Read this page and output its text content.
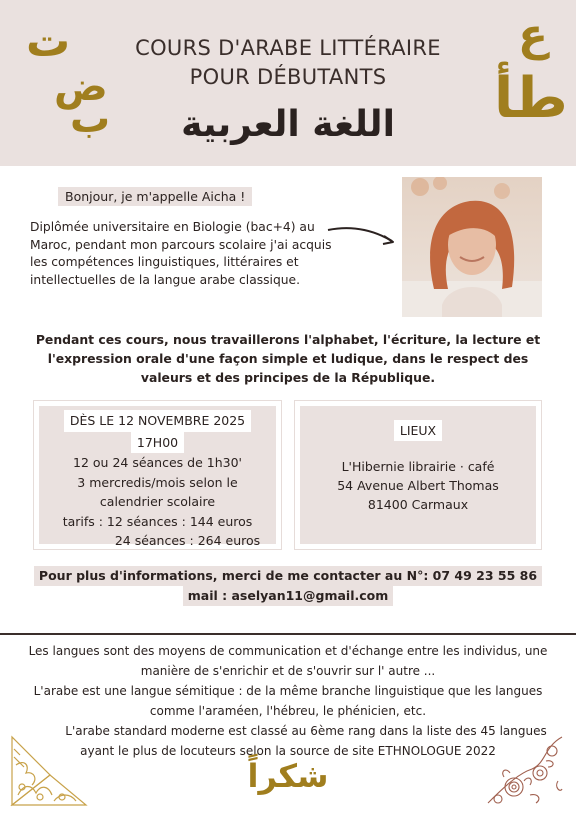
ت
ض
ب
ع
طأ
COURS D'ARABE LITTÉRAIRE
POUR DÉBUTANTS
اللغة العربية
Bonjour, je m'appelle Aicha !
Diplômée universitaire en Biologie (bac+4) au
Maroc, pendant mon parcours scolaire j'ai acquis
les compétences linguistiques, littéraires et
intellectuelles de la langue arabe classique.
Pendant ces cours, nous travaillerons l'alphabet, l'écriture, la lecture et
l'expression orale d'une façon simple et ludique, dans le respect des
valeurs et des principes de la République.
DÈS LE 12 NOVEMBRE 2025
17H00
12 ou 24 séances de 1h30'
3 mercredis/mois selon le
calendrier scolaire
tarifs : 12 séances : 144 euros
24 séances : 264 euros
LIEUX
L'Hibernie librairie · café
54 Avenue Albert Thomas
81400 Carmaux
Pour plus d'informations, merci de me contacter au N°: 07 49 23 55 86
mail : aselyan11@gmail.com
Les langues sont des moyens de communication et d'échange entre les individus, une
manière de s'enrichir et de s'ouvrir sur l' autre ...
L'arabe est une langue sémitique : de la même branche linguistique que les langues
comme l'araméen, l'hébreu, le phénicien, etc.
L'arabe standard moderne est classé au 6ème rang dans la liste des 45 langues
ayant le plus de locuteurs selon la source de site ETHNOLOGUE 2022
شكراً
